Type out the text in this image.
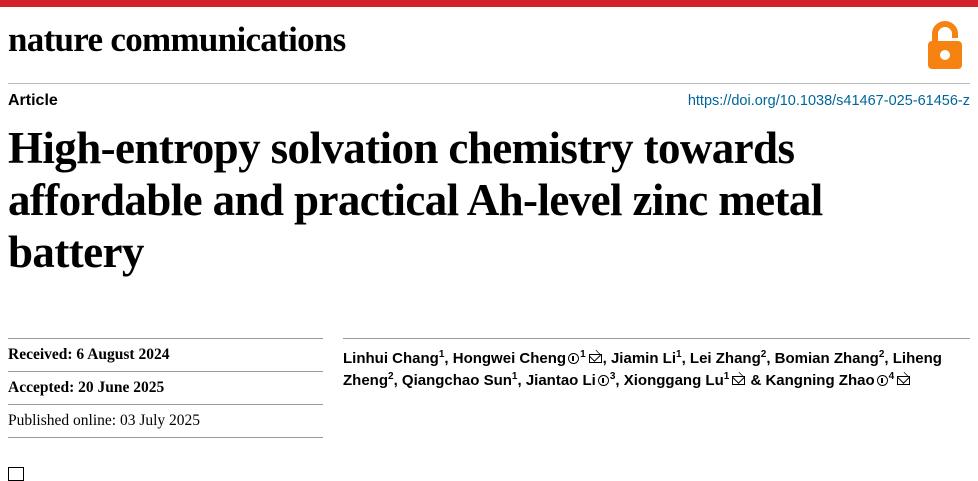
nature communications
Article	https://doi.org/10.1038/s41467-025-61456-z
High-entropy solvation chemistry towards affordable and practical Ah-level zinc metal battery
Received: 6 August 2024
Accepted: 20 June 2025
Published online: 03 July 2025
Linhui Chang$^1$, Hongwei Cheng $^1$ , Jiamin Li$^1$, Lei Zhang$^2$, Bomian Zhang$^2$, Liheng Zheng$^2$, Qiangchao Sun$^1$, Jiantao Li $^3$, Xionggang Lu$^1$
& Kangning Zhao $^4$
